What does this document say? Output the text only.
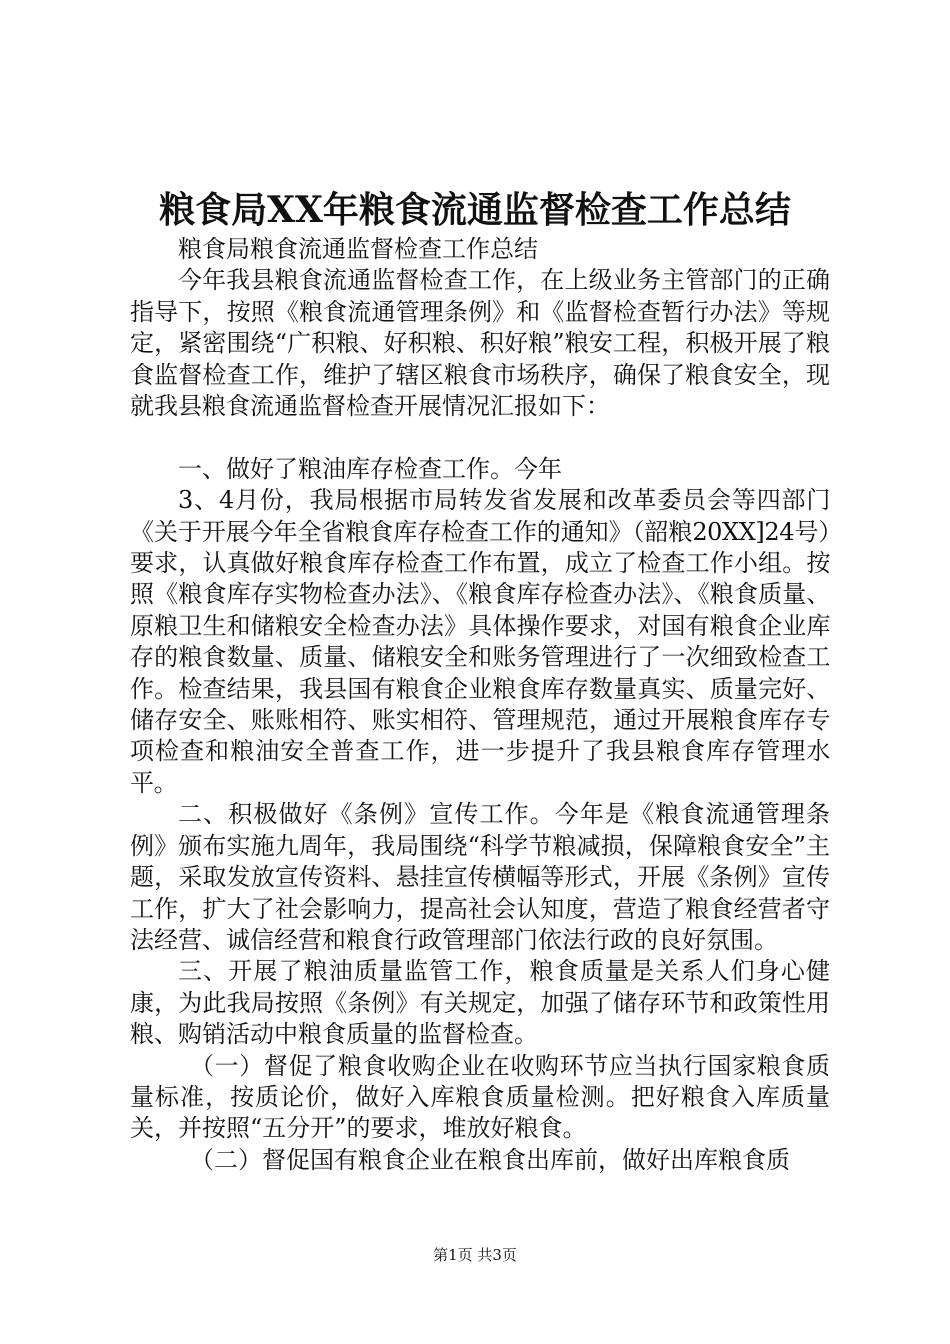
粮食局XX年粮食流通监督检查工作总结

粮食局粮食流通监督检查工作总结

今年我县粮食流通监督检查工作，在上级业务主管部门的正确指导下，按照《粮食流通管理条例》和《监督检查暂行办法》等规定，紧密围绕“广积粮、好积粮、积好粮”粮安工程，积极开展了粮食监督检查工作，维护了辖区粮食市场秩序，确保了粮食安全，现就我县粮食流通监督检查开展情况汇报如下：

一、做好了粮油库存检查工作。今年

3、4月份，我局根据市局转发省发展和改革委员会等四部门《关于开展今年全省粮食库存检查工作的通知》（韶粮20XX]24号）要求，认真做好粮食库存检查工作布置，成立了检查工作小组。按照《粮食库存实物检查办法》、《粮食库存检查办法》、《粮食质量、原粮卫生和储粮安全检查办法》具体操作要求，对国有粮食企业库存的粮食数量、质量、储粮安全和账务管理进行了一次细致检查工作。检查结果，我县国有粮食企业粮食库存数量真实、质量完好、储存安全、账账相符、账实相符、管理规范，通过开展粮食库存专项检查和粮油安全普查工作，进一步提升了我县粮食库存管理水平。

二、积极做好《条例》宣传工作。今年是《粮食流通管理条例》颁布实施九周年，我局围绕“科学节粮减损，保障粮食安全”主题，采取发放宣传资料、悬挂宣传横幅等形式，开展《条例》宣传工作，扩大了社会影响力，提高社会认知度，营造了粮食经营者守法经营、诚信经营和粮食行政管理部门依法行政的良好氛围。

三、开展了粮油质量监管工作，粮食质量是关系人们身心健康，为此我局按照《条例》有关规定，加强了储存环节和政策性用粮、购销活动中粮食质量的监督检查。

（一）督促了粮食收购企业在收购环节应当执行国家粮食质量标准，按质论价，做好入库粮食质量检测。把好粮食入库质量关，并按照“五分开”的要求，堆放好粮食。

（二）督促国有粮食企业在粮食出库前，做好出库粮食质

第1页 共3页
